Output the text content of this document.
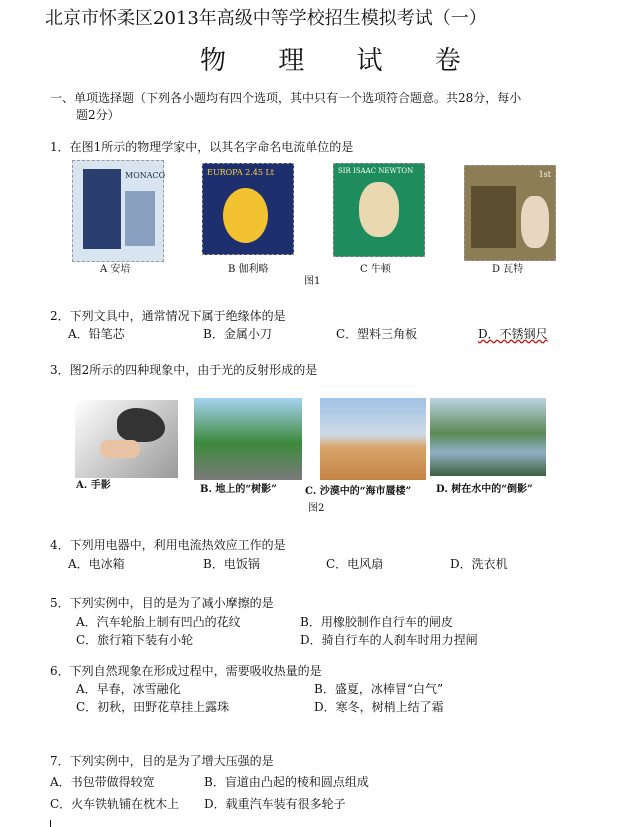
北京市怀柔区2013年高级中等学校招生模拟考试（一）
物 理 试 卷
一、单项选择题（下列各小题均有四个选项，其中只有一个选项符合题意。共28分，每小
题2分）
1．在图1所示的物理学家中，以其名字命名电流单位的是
MONACO	EUROPA 2.45 Lt	SIR ISAAC NEWTON	1st
A 安培	B 伽利略	C 牛顿	D 瓦特
图1
2．下列文具中，通常情况下属于绝缘体的是
A．铅笔芯	B．金属小刀	C．塑料三角板	D．不锈钢尺
3．图2所示的四种现象中，由于光的反射形成的是
A. 手影	B. 地上的“树影”	C. 沙漠中的“海市蜃楼” D. 树在水中的“倒影”
图2
4．下列用电器中，利用电流热效应工作的是
A．电冰箱	B．电饭锅	C．电风扇	D．洗衣机
5．下列实例中，目的是为了减小摩擦的是
A．汽车轮胎上制有凹凸的花纹	B．用橡胶制作自行车的闸皮
C．旅行箱下装有小轮	D．骑自行车的人刹车时用力捏闸
6．下列自然现象在形成过程中，需要吸收热量的是
A．早春，冰雪融化	B．盛夏，冰棒冒“白气”
C．初秋，田野花草挂上露珠	D．寒冬，树梢上结了霜
7．下列实例中，目的是为了增大压强的是
A．书包带做得较宽	B．盲道由凸起的棱和圆点组成
C．火车铁轨铺在枕木上 D．载重汽车装有很多轮子
